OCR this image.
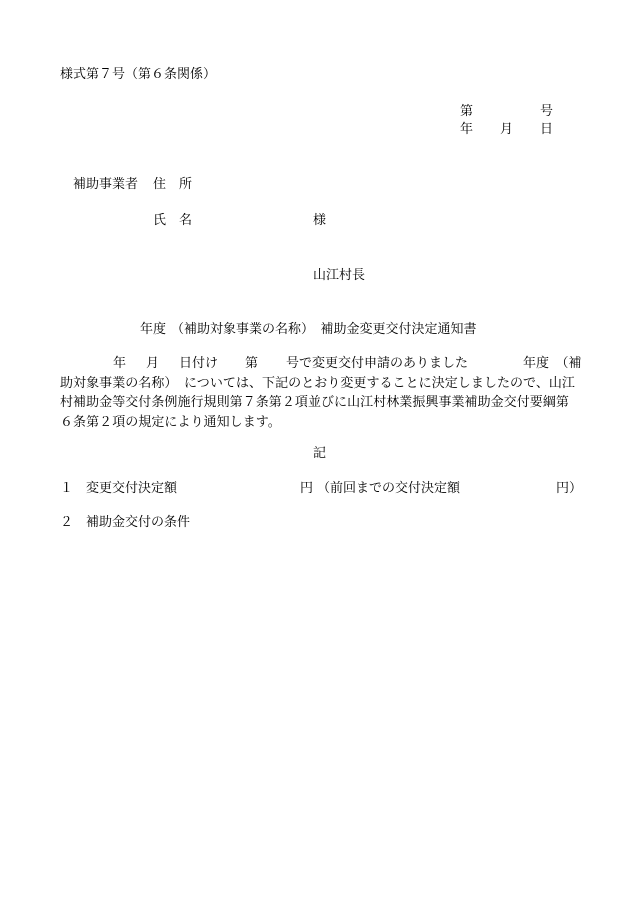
様式第７号（第６条関係）
第	号
年 月 日
補助事業者 住　所
氏　名	様
山江村長
年度 （補助対象事業の名称）　補助金変更交付決定通知書
年 月 日付け 第 号で変更交付申請のありました	年度　（補
助対象事業の名称）　については、下記のとおり変更することに決定しましたので、山江
村補助金等交付条例施行規則第７条第２項並びに山江村林業振興事業補助金交付要綱第
６条第２項の規定により通知します。
記
１　変更交付決定額	円 （前回までの交付決定額	円）
２　補助金交付の条件
